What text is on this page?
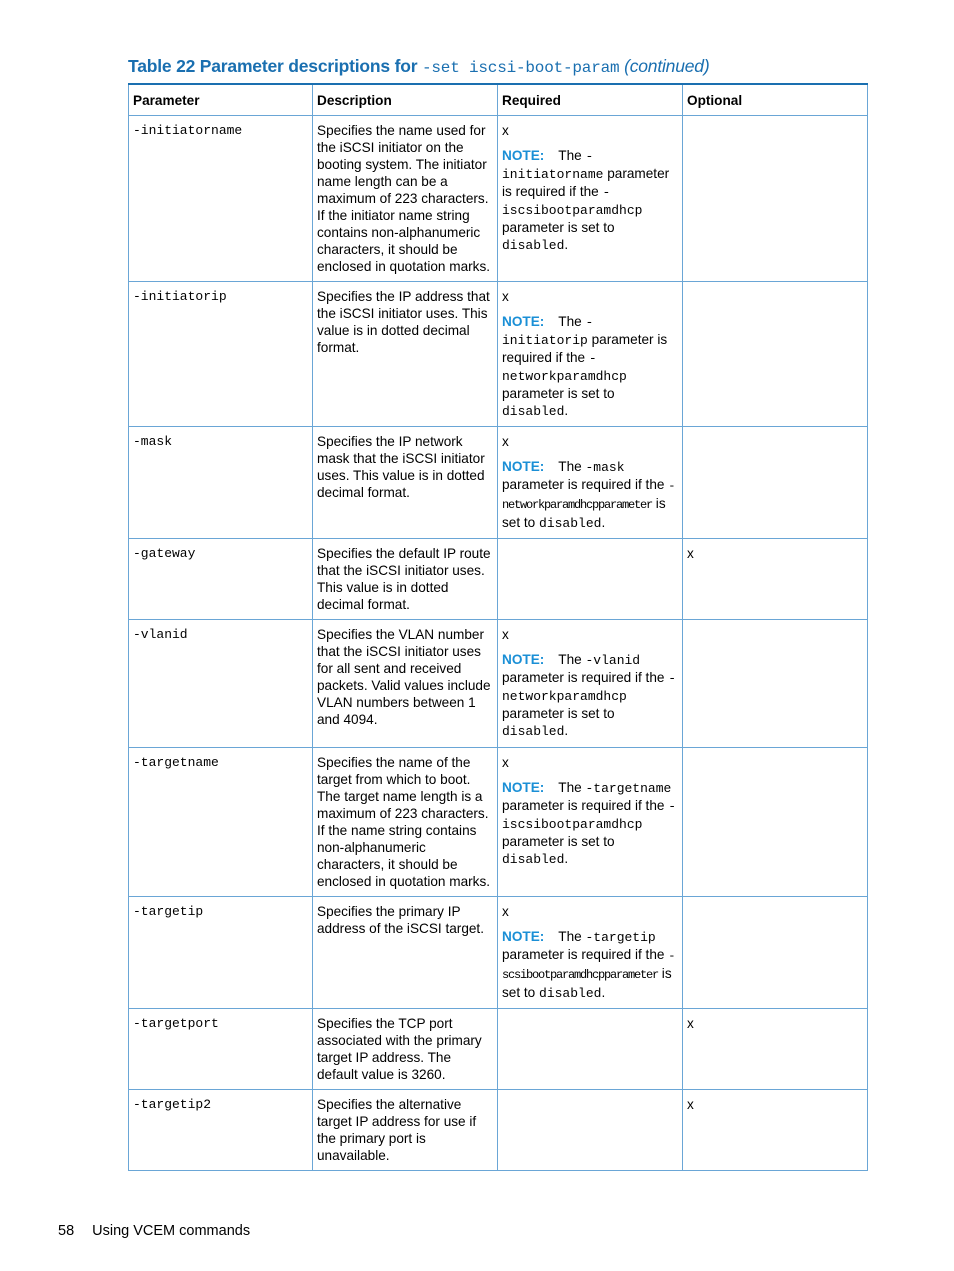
Table 22 Parameter descriptions for -set iscsi-boot-param (continued)
Parameter	Description	Required	Optional
-initiatorname	Specifies the name used for the iSCSI initiator on the booting system. The initiator name length can be a maximum of 223 characters. If the initiator name string contains non-alphanumeric characters, it should be enclosed in quotation marks.	x
NOTE: The -initiatorname parameter is required if the -iscsibootparamdhcp parameter is set to disabled.	

-initiatorip	Specifies the IP address that the iSCSI initiator uses. This value is in dotted decimal format.	x
NOTE: The -initiatorip parameter is required if the -networkparamdhcp parameter is set to disabled.	

-mask	Specifies the IP network mask that the iSCSI initiator uses. This value is in dotted decimal format.	x
NOTE: The -mask parameter is required if the -networkparamdhcpparameter is set to disabled.	

-gateway	Specifies the default IP route that the iSCSI initiator uses. This value is in dotted decimal format.		x
-vlanid	Specifies the VLAN number that the iSCSI initiator uses for all sent and received packets. Valid values include VLAN numbers between 1 and 4094.	x
NOTE: The -vlanid parameter is required if the -networkparamdhcp parameter is set to disabled.	

-targetname	Specifies the name of the target from which to boot. The target name length is a maximum of 223 characters. If the name string contains non-alphanumeric characters, it should be enclosed in quotation marks.	x
NOTE: The -targetname parameter is required if the -iscsibootparamdhcp parameter is set to disabled.	

-targetip	Specifies the primary IP address of the iSCSI target.	x
NOTE: The -targetip parameter is required if the -scsibootparamdhcpparameter is set to disabled.	

-targetport	Specifies the TCP port associated with the primary target IP address. The default value is 3260.		x
-targetip2	Specifies the alternative target IP address for use if the primary port is unavailable.		x
58 Using VCEM commands
